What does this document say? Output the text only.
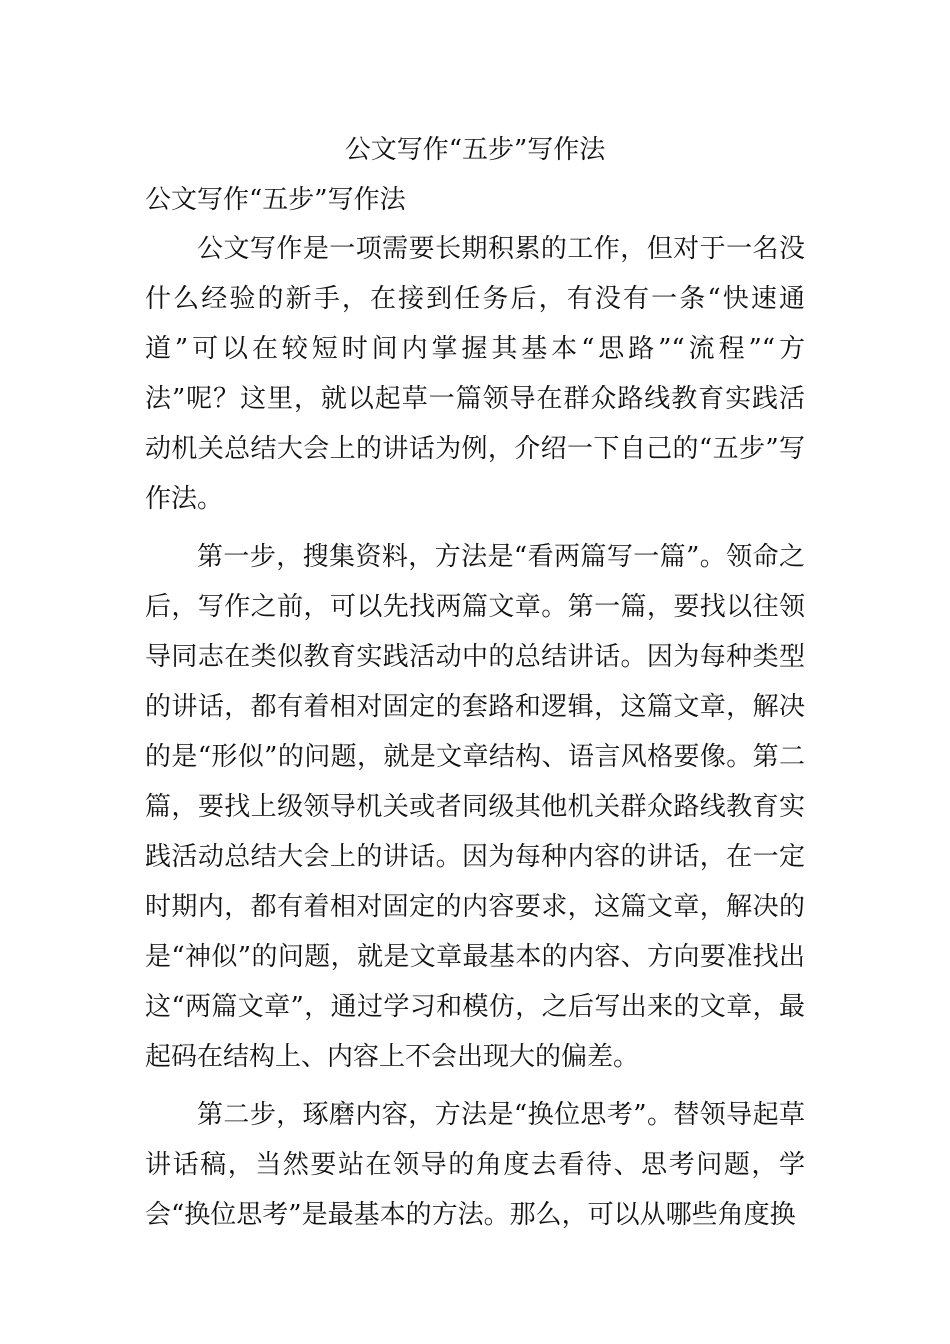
公文写作“五步”写作法
公文写作“五步”写作法

公文写作是一项需要长期积累的工作，但对于一名没什么经验的新手，在接到任务后，有没有一条“快速通道”可以在较短时间内掌握其基本“思路”“流程”“方法”呢？这里，就以起草一篇领导在群众路线教育实践活动机关总结大会上的讲话为例，介绍一下自己的“五步”写作法。

第一步，搜集资料，方法是“看两篇写一篇”。领命之后，写作之前，可以先找两篇文章。第一篇，要找以往领导同志在类似教育实践活动中的总结讲话。因为每种类型的讲话，都有着相对固定的套路和逻辑，这篇文章，解决的是“形似”的问题，就是文章结构、语言风格要像。第二篇，要找上级领导机关或者同级其他机关群众路线教育实践活动总结大会上的讲话。因为每种内容的讲话，在一定时期内，都有着相对固定的内容要求，这篇文章，解决的是“神似”的问题，就是文章最基本的内容、方向要准找出这“两篇文章”，通过学习和模仿，之后写出来的文章，最起码在结构上、内容上不会出现大的偏差。

第二步，琢磨内容，方法是“换位思考”。替领导起草讲话稿，当然要站在领导的角度去看待、思考问题，学会“换位思考”是最基本的方法。那么，可以从哪些角度换
